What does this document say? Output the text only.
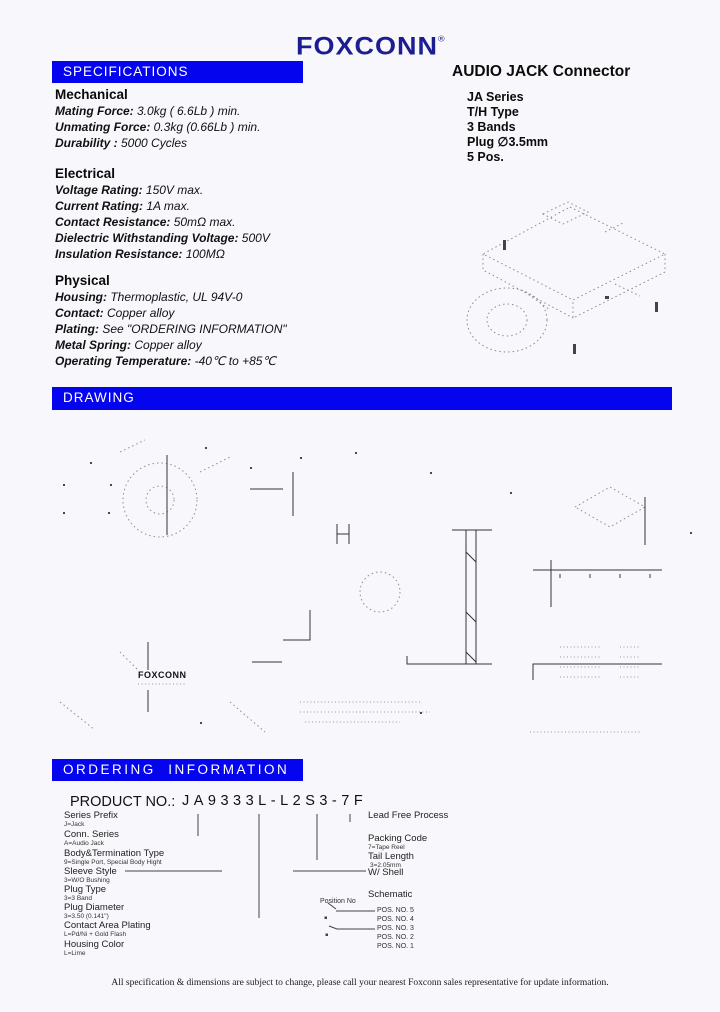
FOXCONN®
SPECIFICATIONS	AUDIO JACK Connector
JA Series
T/H Type
3 Bands
Plug ∅3.5mm
5 Pos.
Mechanical
Mating Force: 3.0kg ( 6.6Lb ) min.
Unmating Force: 0.3kg (0.66Lb ) min.
Durability : 5000 Cycles
Electrical
Voltage Rating: 150V max.
Current Rating: 1A max.
Contact Resistance: 50mΩ max.
Dielectric Withstanding Voltage: 500V
Insulation Resistance: 100MΩ
Physical
Housing: Thermoplastic, UL 94V-0
Contact: Copper alloy
Plating: See "ORDERING INFORMATION"
Metal Spring: Copper alloy
Operating Temperature: -40℃ to +85℃
DRAWING
FOXCONN
ORDERING  INFORMATION
PRODUCT NO.: JA9333L-L2S3-7F
Series Prefix
J=Jack
Conn. Series
A=Audio Jack
Body&Termination Type
9=Single Port, Special Body Hight
Sleeve Style
3=W/O Bushing
Plug Type
3=3 Band
Plug Diameter
3=3.50 (0.141")
Contact Area Plating
L=Pd/Ni + Gold Flash
Housing Color
L=Lime
Lead Free Process
Packing Code
7=Tape Reel
Tail Length
3=2.05mm
W/ Shell
Schematic
Position No
POS. NO. 5
POS. NO. 4
POS. NO. 3
POS. NO. 2
POS. NO. 1
All specification & dimensions are subject to change, please call your nearest Foxconn sales representative for update information.
